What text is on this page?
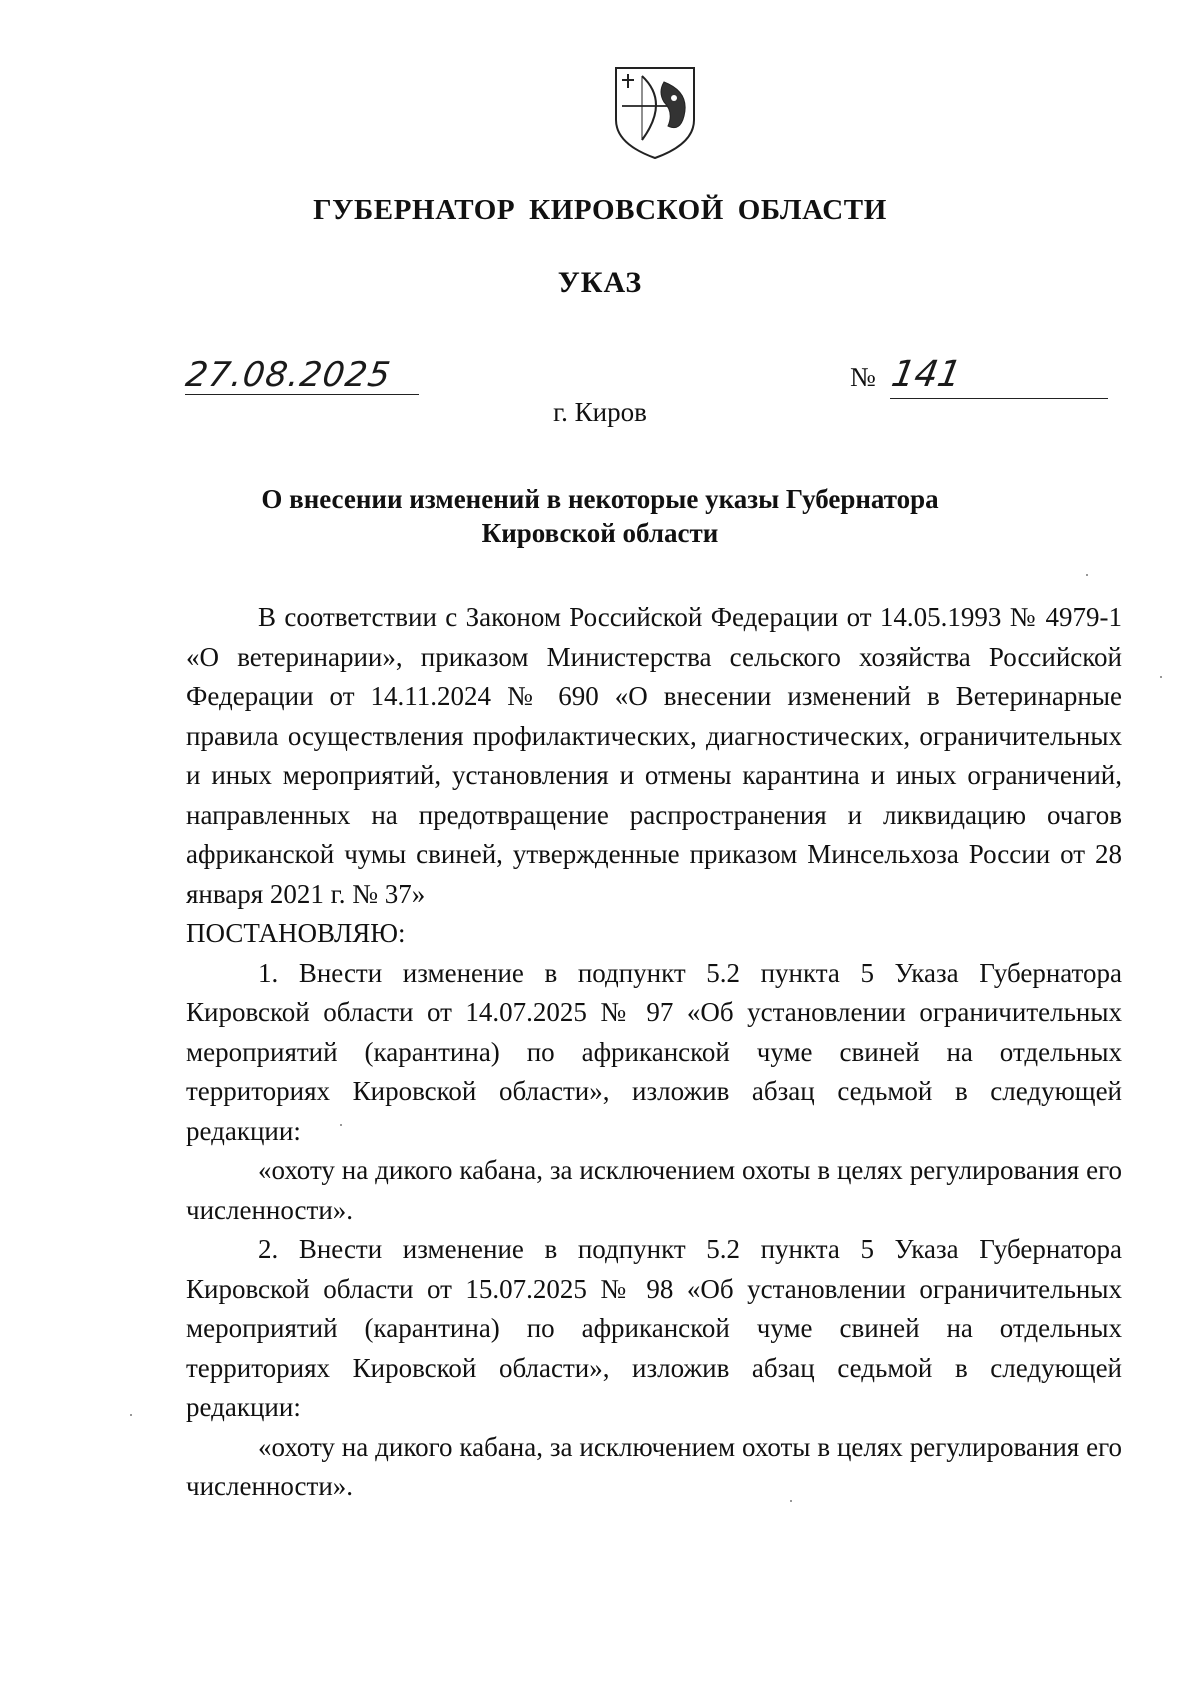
ГУБЕРНАТОР КИРОВСКОЙ ОБЛАСТИ
УКАЗ
27.08.2025	№ 141
г. Киров
О внесении изменений в некоторые указы Губернатора
Кировской области

В соответствии с Законом Российской Федерации от 14.05.1993 № 4979-1 «О ветеринарии», приказом Министерства сельского хозяйства Российской Федерации от 14.11.2024 № 690 «О внесении изменений в Ветеринарные правила осуществления профилактических, диагностических, ограничительных и иных мероприятий, установления и отмены карантина и иных ограничений, направленных на предотвращение распространения и ликвидацию очагов африканской чумы свиней, утвержденные приказом Минсельхоза России от 28 января 2021 г. № 37»

ПОСТАНОВЛЯЮ:

1. Внести изменение в подпункт 5.2 пункта 5 Указа Губернатора Кировской области от 14.07.2025 № 97 «Об установлении ограничительных мероприятий (карантина) по африканской чуме свиней на отдельных территориях Кировской области», изложив абзац седьмой в следующей редакции:

«охоту на дикого кабана, за исключением охоты в целях регулирования его численности».

2. Внести изменение в подпункт 5.2 пункта 5 Указа Губернатора Кировской области от 15.07.2025 № 98 «Об установлении ограничительных мероприятий (карантина) по африканской чуме свиней на отдельных территориях Кировской области», изложив абзац седьмой в следующей редакции:

«охоту на дикого кабана, за исключением охоты в целях регулирования его численности».
